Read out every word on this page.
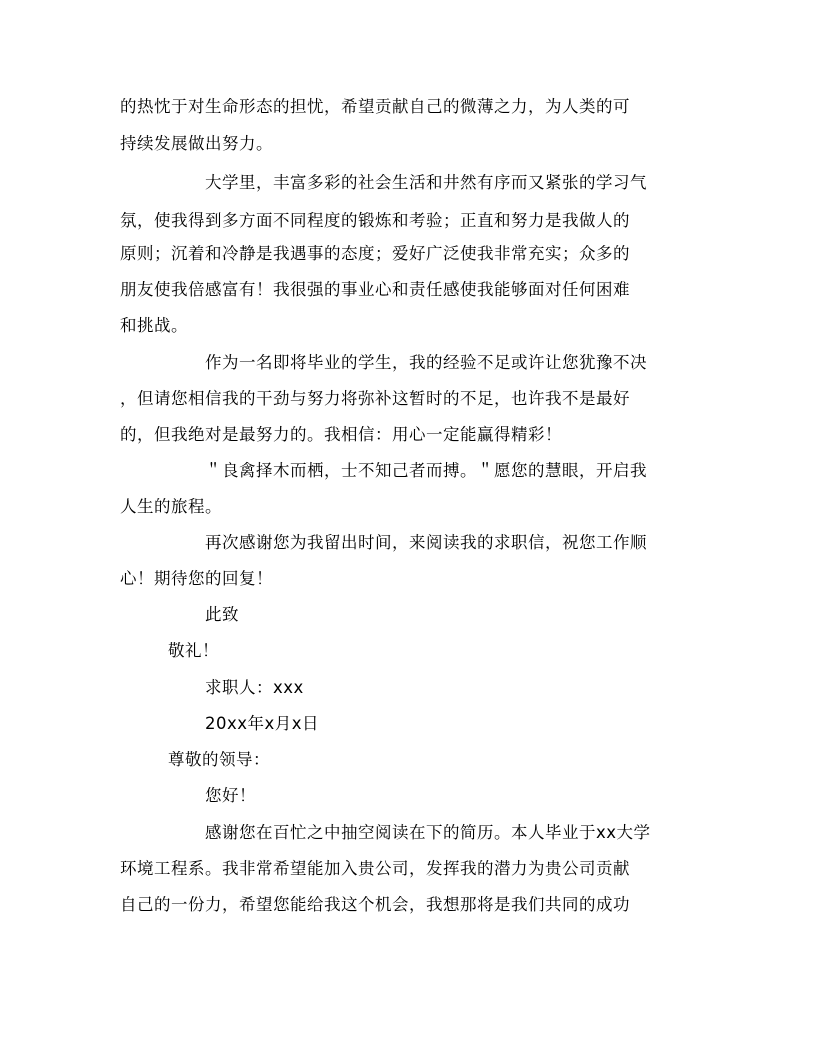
的热忱于对生命形态的担忧，希望贡献自己的微薄之力，为人类的可
持续发展做出努力。
大学里，丰富多彩的社会生活和井然有序而又紧张的学习气
氛，使我得到多方面不同程度的锻炼和考验；正直和努力是我做人的
原则；沉着和冷静是我遇事的态度；爱好广泛使我非常充实；众多的
朋友使我倍感富有！我很强的事业心和责任感使我能够面对任何困难
和挑战。
作为一名即将毕业的学生，我的经验不足或许让您犹豫不决
，但请您相信我的干劲与努力将弥补这暂时的不足，也许我不是最好
的，但我绝对是最努力的。我相信：用心一定能赢得精彩！
＂良禽择木而栖，士不知己者而搏。＂愿您的慧眼，开启我
人生的旅程。
再次感谢您为我留出时间，来阅读我的求职信，祝您工作顺
心！期待您的回复！
此致
敬礼！
求职人：xxx
20xx年x月x日
尊敬的领导：
您好！
感谢您在百忙之中抽空阅读在下的简历。本人毕业于xx大学
环境工程系。我非常希望能加入贵公司，发挥我的潜力为贵公司贡献
自己的一份力，希望您能给我这个机会，我想那将是我们共同的成功
